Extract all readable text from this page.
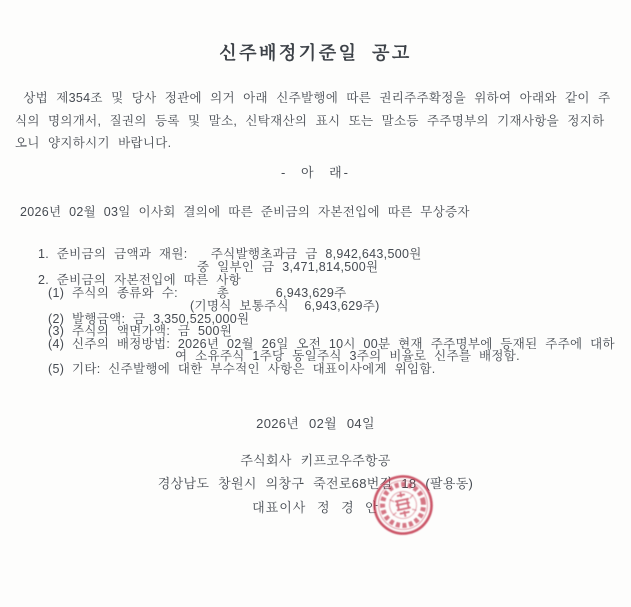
신주배정기준일 공고
상법 제354조 및 당사 정관에 의거 아래 신주발행에 따른 권리주주확정을 위하여 아래와 같이 주
식의 명의개서, 질권의 등록 및 말소, 신탁재산의 표시 또는 말소등 주주명부의 기재사항을 정지하
오니 양지하시기 바랍니다.
- 아 래-
2026년 02월 03일 이사회 결의에 따른 준비금의 자본전입에 따른 무상증자
1. 준비금의 금액과 재원:   주식발행초과금 금 8,942,643,500원
중 일부인 금 3,471,814,500원
2. 준비금의 자본전입에 따른 사항
(1) 주식의 종류와 수:     총      6,943,629주
(기명식 보통주식  6,943,629주)
(2) 발행금액: 금 3,350,525,000원
(3) 주식의 액면가액: 금 500원
(4) 신주의 배정방법: 2026년 02월 26일 오전 10시 00분 현재 주주명부에 등재된 주주에 대하
여 소유주식 1주당 동일주식 3주의 비율로 신주를 배정함.
(5) 기타: 신주발행에 대한 부수적인 사항은 대표이사에게 위임함.
2026년 02월 04일
주식회사 키프코우주항공
경상남도 창원시 의창구 죽전로68번길 18 (팔용동)
대표이사 정 경 안
